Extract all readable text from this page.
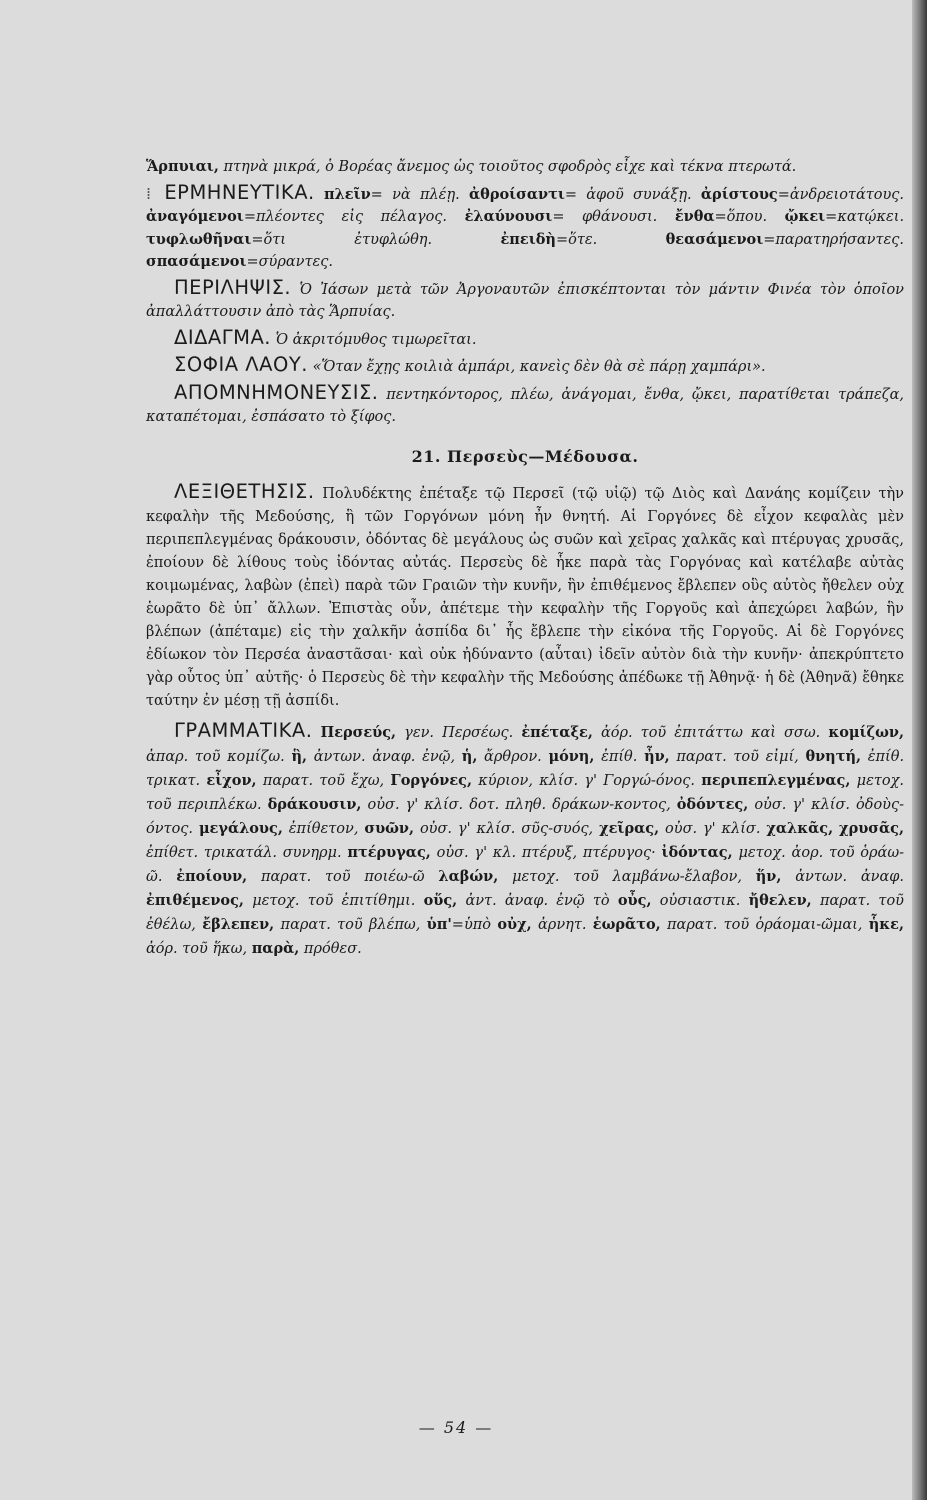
Ἅρπυιαι, πτηνὰ μικρά, ὁ Βορέας ἄνεμος ὡς τοιοῦτος σφοδρὸς εἶχε καὶ τέκνα πτερωτά.

⁞ ΕΡΜΗΝΕΥΤΙΚΑ. πλεῖν= νὰ πλέῃ. ἀθροίσαντι= ἀφοῦ συνάξῃ. ἀρίστους=ἀνδρειοτάτους. ἀναγόμενοι=πλέοντες εἰς πέλαγος. ἐλαύνουσι= φθάνουσι. ἔνθα=ὅπου. ᾤκει=κατῴκει. τυφλωθῆναι=ὅτι ἐτυφλώθη.	ἐπειδὴ=ὅτε.	θεασάμενοι=παρατηρήσαντες. σπασάμενοι=σύραντες.

ΠΕΡΙΛΗΨΙΣ. Ὁ Ἰάσων μετὰ τῶν Ἀργοναυτῶν ἐπισκέπτονται τὸν μάντιν Φινέα τὸν ὁποῖον ἀπαλλάττουσιν ἀπὸ τὰς Ἅρπυίας.

ΔΙΔΑΓΜΑ. Ὁ ἀκριτόμυθος τιμωρεῖται.

ΣΟΦΙΑ ΛΑΟΥ. «Ὅταν ἔχῃς κοιλιὰ ἀμπάρι, κανεὶς δὲν θὰ σὲ πάρῃ χαμπάρι».

ΑΠΟΜΝΗΜΟΝΕΥΣΙΣ. πεντηκόντορος, πλέω, ἀνάγομαι, ἔνθα, ᾤκει, παρατίθεται τράπεζα, καταπέτομαι, ἐσπάσατο τὸ ξίφος.

21. Περσεὺς—Μέδουσα.

ΛΕΞΙΘΕΤΗΣΙΣ. Πολυδέκτης ἐπέταξε τῷ Περσεῖ (τῷ υἱῷ) τῷ Διὸς καὶ Δανάης κομίζειν τὴν κεφαλὴν τῆς Μεδούσης, ἣ τῶν Γοργόνων μόνη ἦν θνητή. Αἱ Γοργόνες δὲ εἶχον κεφαλὰς μὲν περιπεπλεγμένας δράκουσιν, ὀδόντας δὲ μεγάλους ὡς συῶν καὶ χεῖρας χαλκᾶς καὶ πτέρυγας χρυσᾶς, ἐποίουν δὲ λίθους τοὺς ἰδόντας αὐτάς. Περσεὺς δὲ ἧκε παρὰ τὰς Γοργόνας καὶ κατέλαβε αὐτὰς κοιμωμένας, λαβὼν (ἐπεὶ) παρὰ τῶν Γραιῶν τὴν κυνῆν, ἣν ἐπιθέμενος ἔβλεπεν οὓς αὐτὸς ἤθελεν οὐχ ἑωρᾶτο δὲ ὑπ᾽ ἄλλων. Ἐπιστὰς οὖν, ἀπέτεμε τὴν κεφαλὴν τῆς Γοργοῦς καὶ ἀπεχώρει λαβών, ἣν βλέπων (ἀπέταμε) εἰς τὴν χαλκῆν ἀσπίδα δι᾽ ἧς ἔβλεπε τὴν εἰκόνα τῆς Γοργοῦς. Αἱ δὲ Γοργόνες ἐδίωκον τὸν Περσέα ἀναστᾶσαι· καὶ οὐκ ἠδύναντο (αὗται) ἰδεῖν αὐτὸν διὰ τὴν κυνῆν· ἀπεκρύπτετο γὰρ οὗτος ὑπ᾽ αὐτῆς· ὁ Περσεὺς δὲ τὴν κεφαλὴν τῆς Μεδούσης ἀπέδωκε τῇ Ἀθηνᾷ· ἡ δὲ (Ἀθηνᾶ) ἔθηκε ταύτην ἐν μέσῃ τῇ ἀσπίδι.

ΓΡΑΜΜΑΤΙΚΑ. Περσεύς, γεν. Περσέως. ἐπέταξε, ἀόρ. τοῦ ἐπιτάττω καὶ σσω. κομίζων, ἀπαρ. τοῦ κομίζω. ἣ, ἀντων. ἀναφ. ἐνῷ, ἡ, ἄρθρον. μόνη, ἐπίθ. ἦν, παρατ. τοῦ εἰμί, θνητή, ἐπίθ. τρικατ. εἶχον, παρατ. τοῦ ἔχω, Γοργόνες, κύριον, κλίσ. γ' Γοργώ-όνος. περιπεπλεγμένας, μετοχ. τοῦ περιπλέκω. δράκουσιν, οὐσ. γ' κλίσ. δοτ. πληθ. δράκων-κοντος, ὀδόντες, οὐσ. γ' κλίσ. ὀδοὺς-όντος. μεγάλους, ἐπίθετον, συῶν, οὐσ. γ' κλίσ. σῦς-συός, χεῖρας, οὐσ. γ' κλίσ. χαλκᾶς, χρυσᾶς, ἐπίθετ. τρικατάλ. συνηρμ. πτέρυγας, οὐσ. γ' κλ. πτέρυξ, πτέρυγος· ἰδόντας, μετοχ. ἀορ. τοῦ ὁράω-ῶ. ἐποίουν, παρατ. τοῦ ποιέω-ῶ λαβών, μετοχ. τοῦ λαμβάνω-ἔλαβον, ἥν, ἀντων. ἀναφ. ἐπιθέμενος, μετοχ. τοῦ ἐπιτίθημι. οὕς, ἀντ. ἀναφ. ἐνῷ τὸ οὖς, οὐσιαστικ. ἤθελεν, παρατ. τοῦ ἐθέλω, ἔβλεπεν, παρατ. τοῦ βλέπω, ὑπ'=ὑπὸ οὐχ, ἀρνητ. ἑωρᾶτο, παρατ. τοῦ ὁράομαι-ῶμαι, ἧκε, ἀόρ. τοῦ ἥκω, παρὰ, πρόθεσ.

— 54 —
